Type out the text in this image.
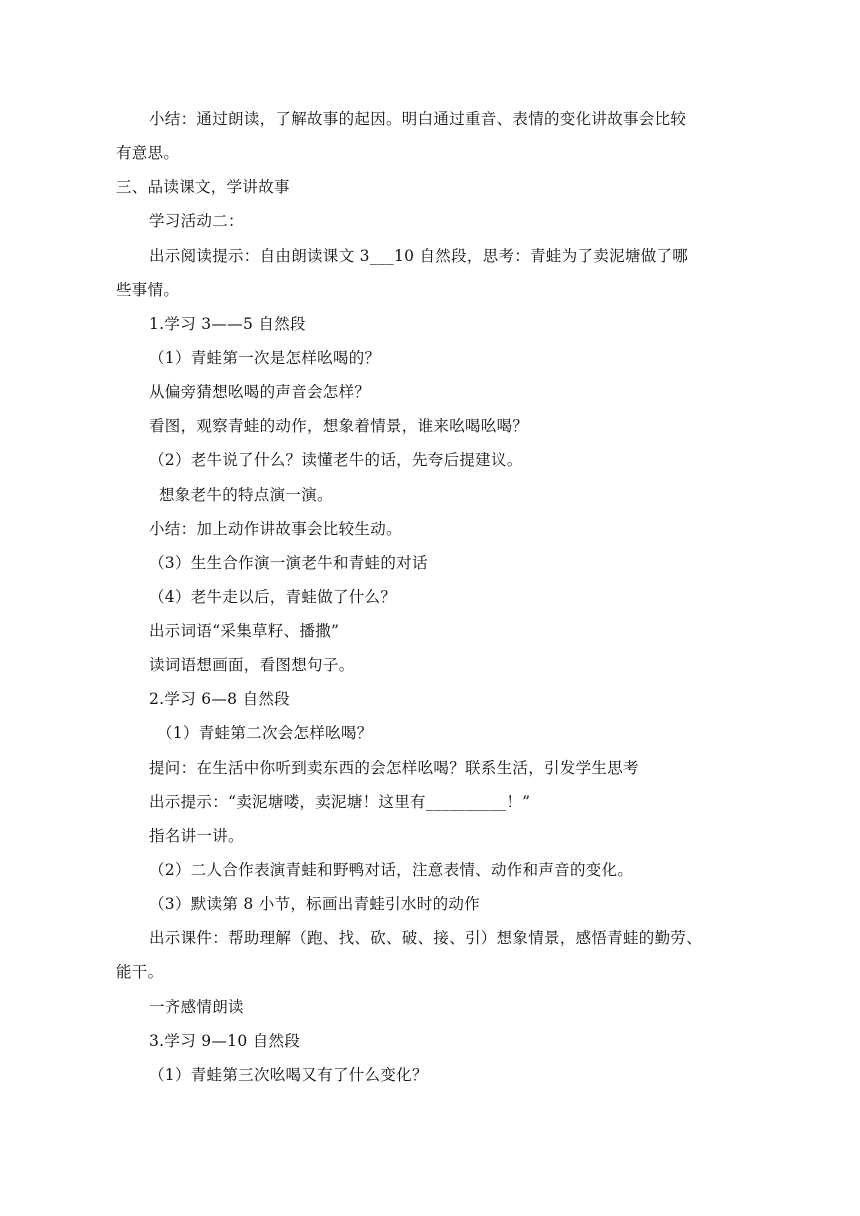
小结：通过朗读，了解故事的起因。明白通过重音、表情的变化讲故事会比较
有意思。
三、品读课文，学讲故事
学习活动二：
出示阅读提示：自由朗读课文 3___10 自然段，思考：青蛙为了卖泥塘做了哪
些事情。
1.学习 3——5 自然段
（1）青蛙第一次是怎样吆喝的？
从偏旁猜想吆喝的声音会怎样？
看图，观察青蛙的动作，想象着情景，谁来吆喝吆喝？
（2）老牛说了什么？读懂老牛的话，先夸后提建议。
想象老牛的特点演一演。
小结：加上动作讲故事会比较生动。
（3）生生合作演一演老牛和青蛙的对话
（4）老牛走以后，青蛙做了什么？
出示词语“采集草籽、播撒”
读词语想画面，看图想句子。
2.学习 6—8 自然段
（1）青蛙第二次会怎样吆喝？
提问：在生活中你听到卖东西的会怎样吆喝？联系生活，引发学生思考
出示提示：“卖泥塘喽，卖泥塘！这里有__________！”
指名讲一讲。
（2）二人合作表演青蛙和野鸭对话，注意表情、动作和声音的变化。
（3）默读第 8 小节，标画出青蛙引水时的动作
出示课件：帮助理解（跑、找、砍、破、接、引）想象情景，感悟青蛙的勤劳、
能干。
一齐感情朗读
3.学习 9—10 自然段
（1）青蛙第三次吆喝又有了什么变化？
